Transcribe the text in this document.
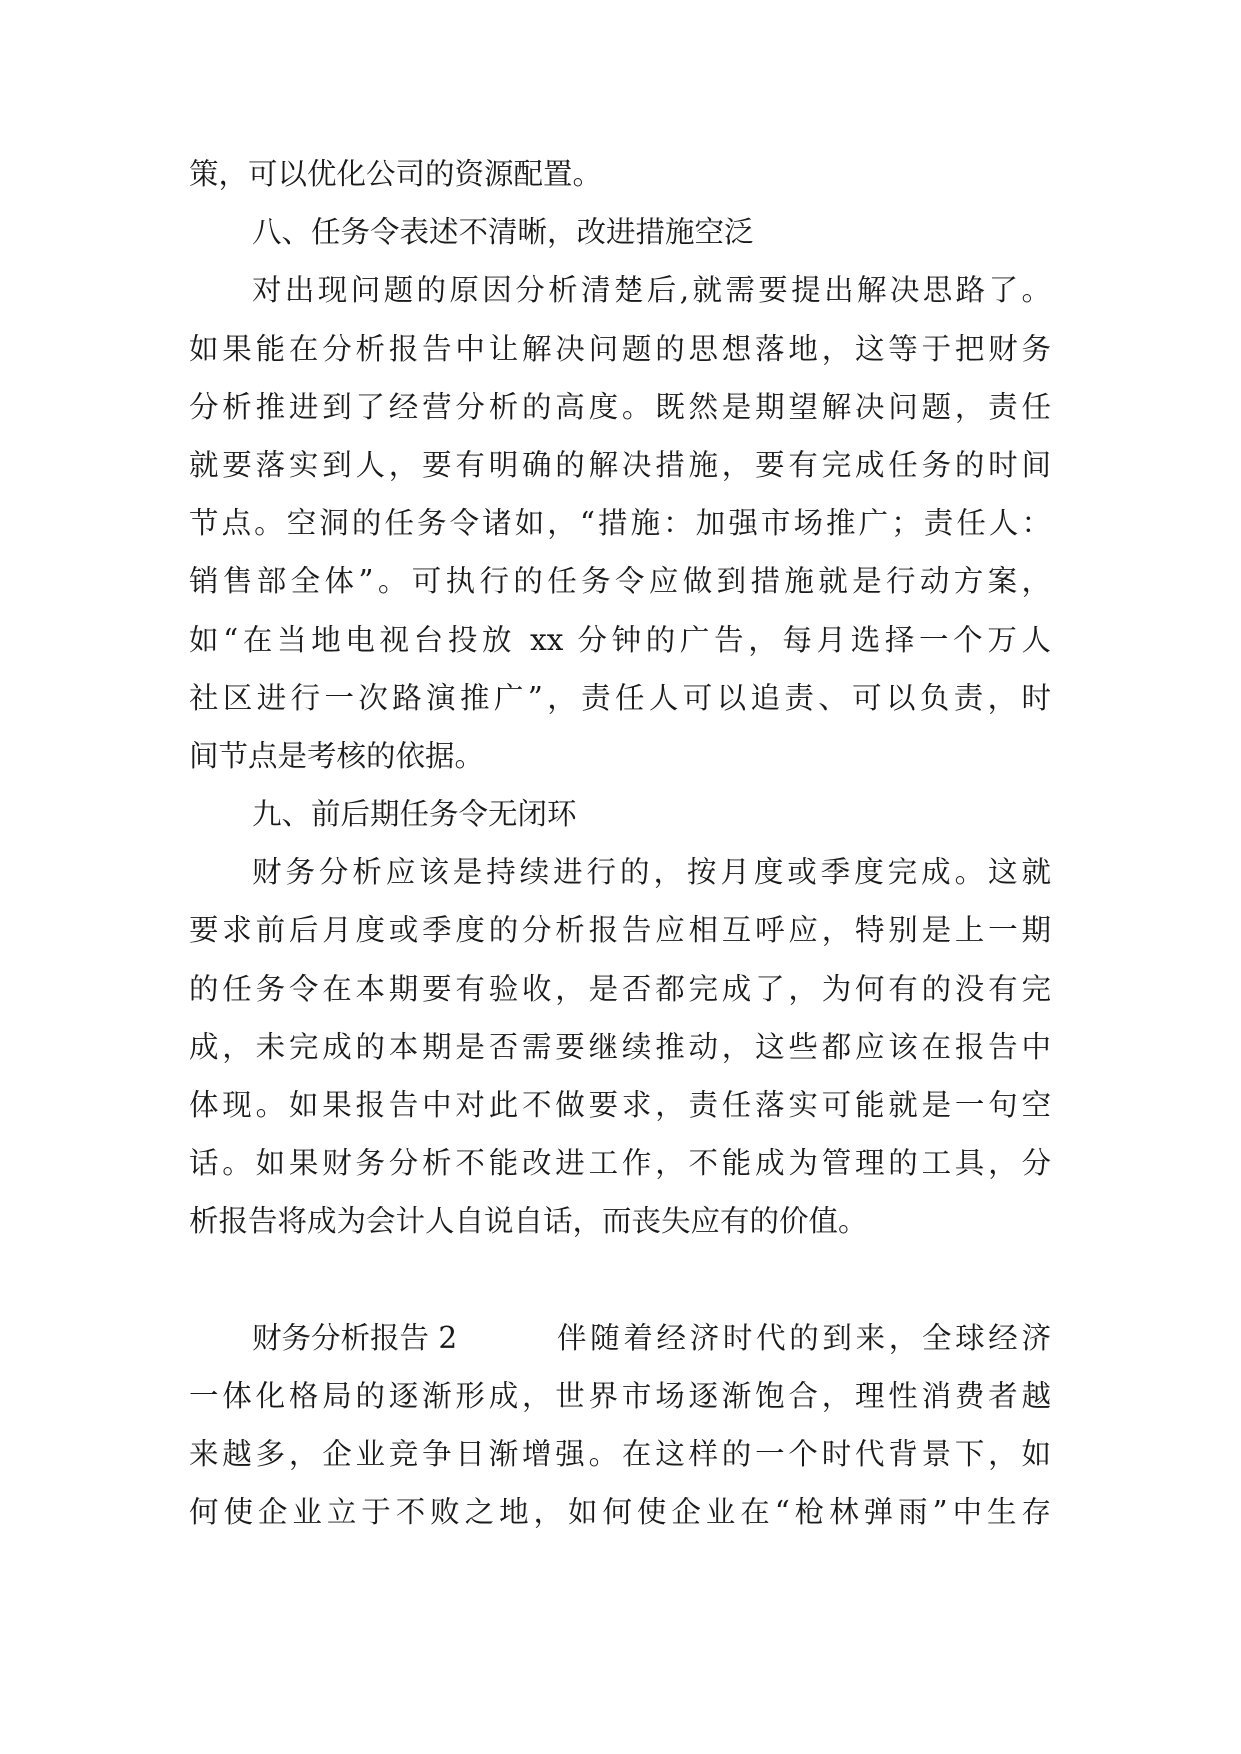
策，可以优化公司的资源配置。
八、任务令表述不清晰，改进措施空泛
对出现问题的原因分析清楚后,就需要提出解决思路了。
如果能在分析报告中让解决问题的思想落地，这等于把财务
分析推进到了经营分析的高度。既然是期望解决问题，责任
就要落实到人，要有明确的解决措施，要有完成任务的时间
节点。空洞的任务令诸如，“措施：加强市场推广；责任人：
销售部全体”。可执行的任务令应做到措施就是行动方案，
如“在当地电视台投放 xx 分钟的广告，每月选择一个万人
社区进行一次路演推广”，责任人可以追责、可以负责，时
间节点是考核的依据。
九、前后期任务令无闭环
财务分析应该是持续进行的，按月度或季度完成。这就
要求前后月度或季度的分析报告应相互呼应，特别是上一期
的任务令在本期要有验收，是否都完成了，为何有的没有完
成，未完成的本期是否需要继续推动，这些都应该在报告中
体现。如果报告中对此不做要求，责任落实可能就是一句空
话。如果财务分析不能改进工作，不能成为管理的工具，分
析报告将成为会计人自说自话，而丧失应有的价值。
财务分析报告 2	伴随着经济时代的到来，全球经济
一体化格局的逐渐形成，世界市场逐渐饱合，理性消费者越
来越多，企业竞争日渐增强。在这样的一个时代背景下，如
何使企业立于不败之地，如何使企业在“枪林弹雨”中生存
